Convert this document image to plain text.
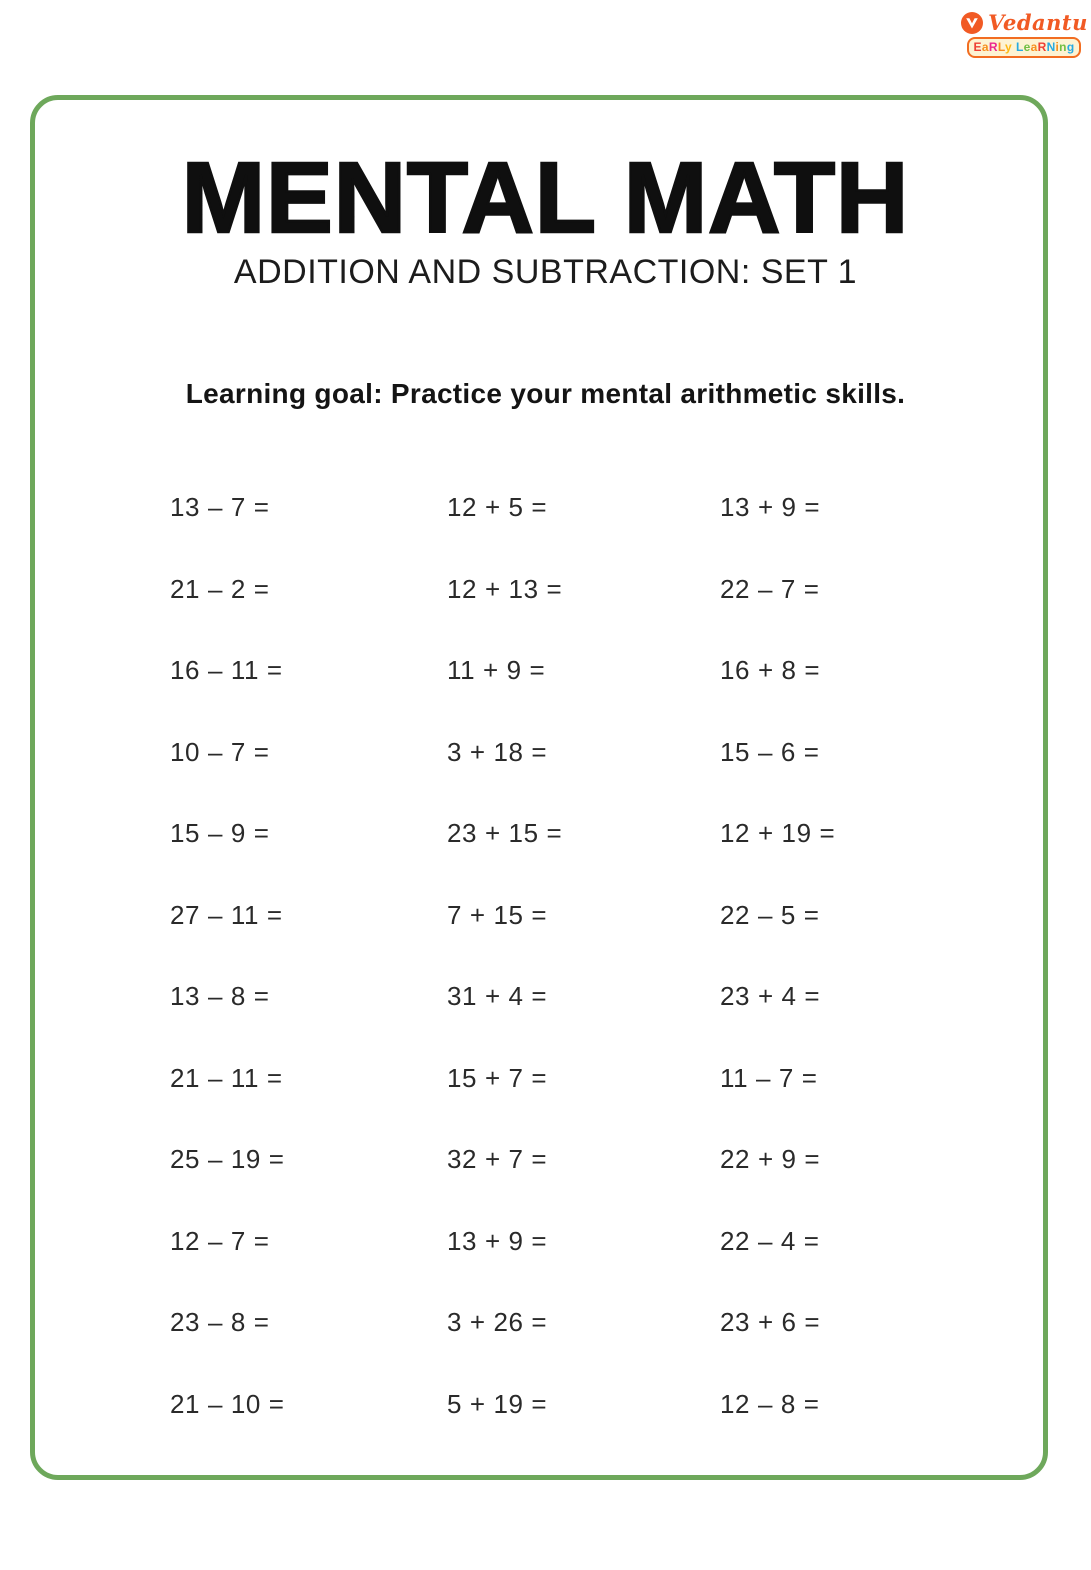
Vedantu
EaRLy LeaRNing
MENTAL MATH
ADDITION AND SUBTRACTION: SET 1
Learning goal: Practice your mental arithmetic skills.
13 – 7 =	12 + 5 =	13 + 9 =
21 – 2 =	12 + 13 =	22 – 7 =
16 – 11 =	11 + 9 =	16 + 8 =
10 – 7 =	3 + 18 =	15 – 6 =
15 – 9 =	23 + 15 =	12 + 19 =
27 – 11 =	7 + 15 =	22 – 5 =
13 – 8 =	31 + 4 =	23 + 4 =
21 – 11 =	15 + 7 =	11 – 7 =
25 – 19 =	32 + 7 =	22 + 9 =
12 – 7 =	13 + 9 =	22 – 4 =
23 – 8 =	3 + 26 =	23 + 6 =
21 – 10 =	5 + 19 =	12 – 8 =
